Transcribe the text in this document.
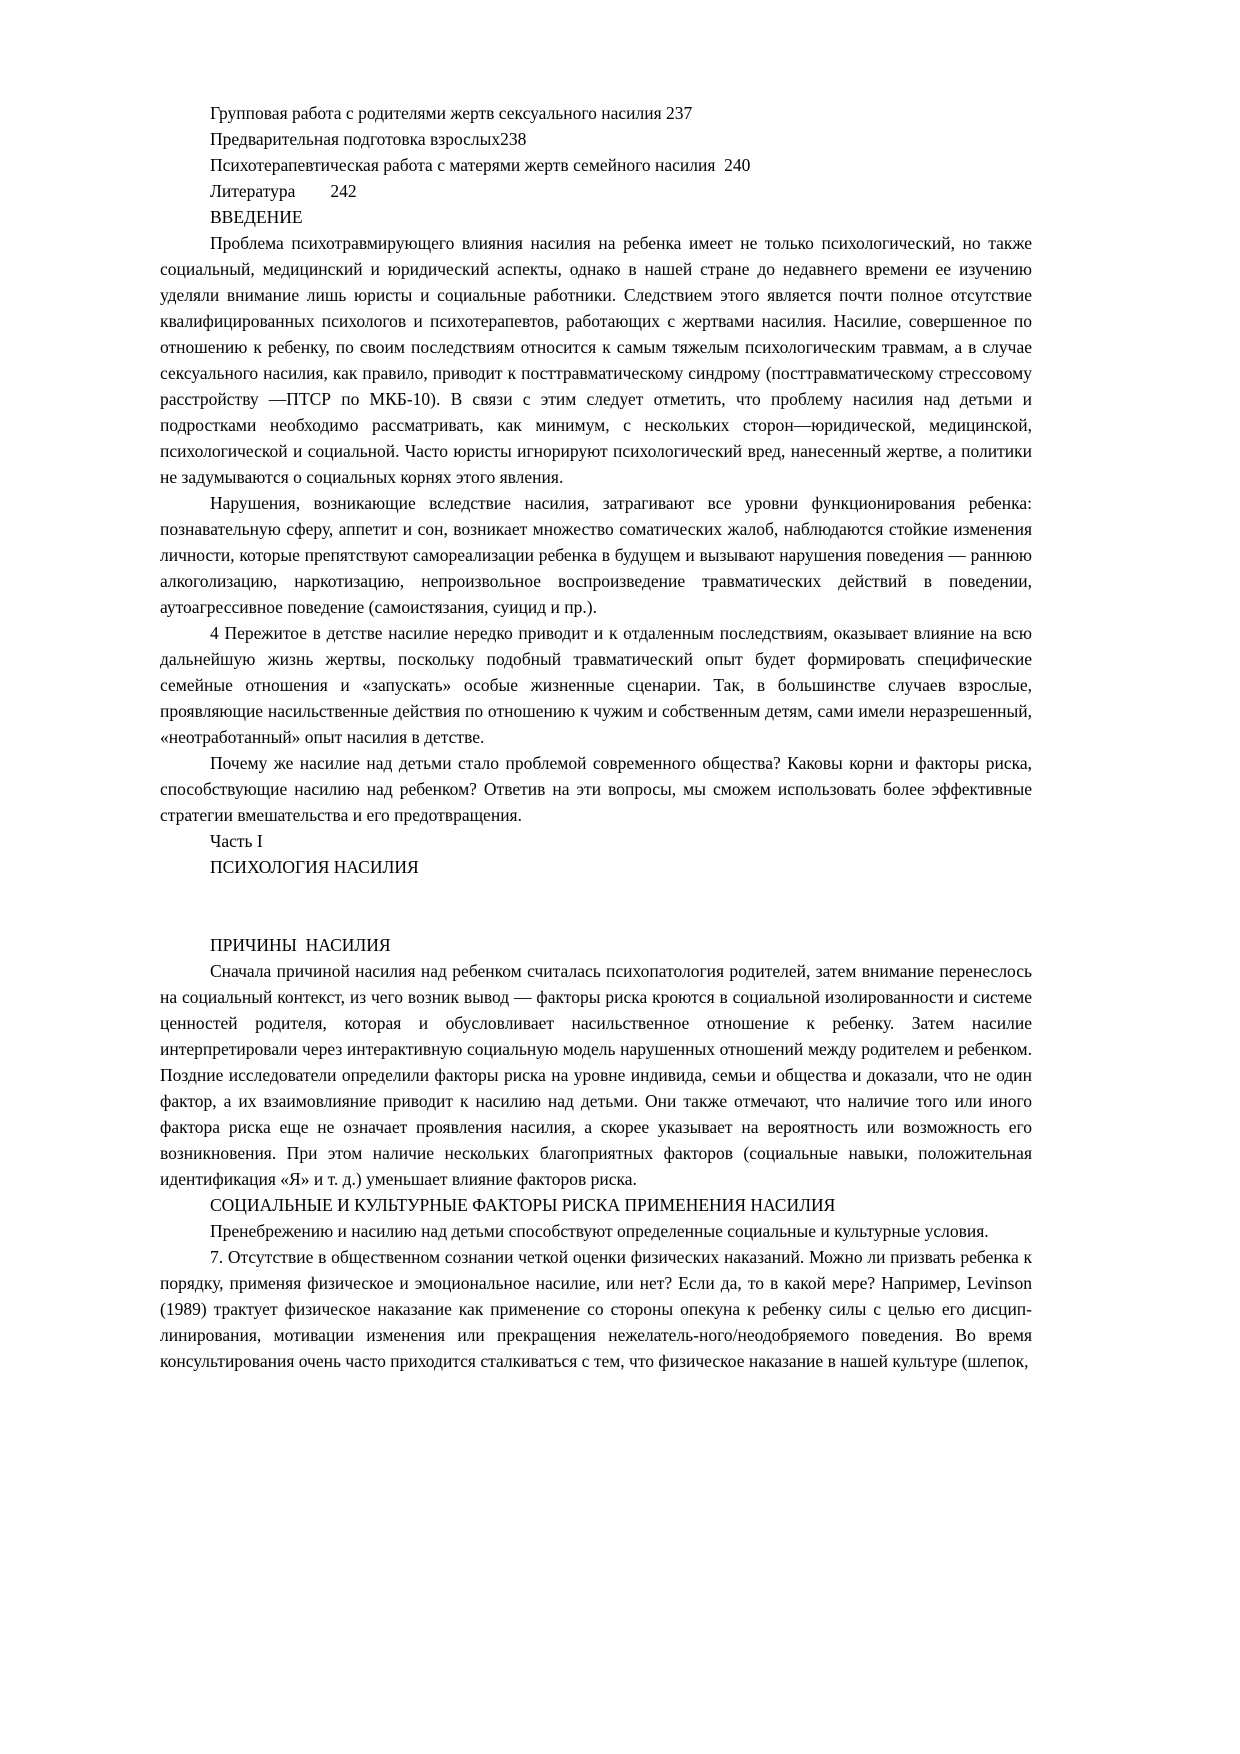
Групповая работа с родителями жертв сексуального насилия 237
Предварительная подготовка взрослых238
Психотерапевтическая работа с матерями жертв семейного насилия  240
Литература        242
ВВЕДЕНИЕ

Проблема психотравмирующего влияния насилия на ребенка имеет не только психологический, но также социальный, медицинский и юридический аспекты, однако в нашей стране до недавнего времени ее изучению уделяли внимание лишь юристы и социальные работники. Следствием этого является почти полное отсутствие квалифицированных психологов и психотерапевтов, работающих с жертвами насилия. Насилие, совершенное по отношению к ребенку, по своим последствиям относится к самым тяжелым психологическим травмам, а в случае сексуального насилия, как правило, приводит к посттравматическому синдрому (посттравматическому стрессовому расстройству —ПТСР по МКБ-10). В связи с этим следует отметить, что проблему насилия над детьми и подростками необходимо рассматривать, как минимум, с нескольких сторон—юридической, медицинской, психологической и социальной. Часто юристы игнорируют психологический вред, нанесенный жертве, а политики не задумываются о социальных корнях этого явления.

Нарушения, возникающие вследствие насилия, затрагивают все уровни функционирования ребенка: познавательную сферу, аппетит и сон, возникает множество соматических жалоб, наблюдаются стойкие изменения личности, которые препятствуют самореализации ребенка в будущем и вызывают нарушения поведения — раннюю алкоголизацию, наркотизацию, непроизвольное воспроизведение травматических действий в поведении, аутоагрессивное поведение (самоистязания, суицид и пр.).

4 Пережитое в детстве насилие нередко приводит и к отдаленным последствиям, оказывает влияние на всю дальнейшую жизнь жертвы, поскольку подобный травматический опыт будет формировать специфические семейные отношения и «запускать» особые жизненные сценарии. Так, в большинстве случаев взрослые, проявляющие насильственные действия по отношению к чужим и собственным детям, сами имели неразрешенный, «неотработанный» опыт насилия в детстве.

Почему же насилие над детьми стало проблемой современного общества? Каковы корни и факторы риска, способствующие насилию над ребенком? Ответив на эти вопросы, мы сможем использовать более эффективные стратегии вмешательства и его предотвращения.

Часть I
ПСИХОЛОГИЯ НАСИЛИЯ
ПРИЧИНЫ  НАСИЛИЯ

Сначала причиной насилия над ребенком считалась психопатология родителей, затем внимание перенеслось на социальный контекст, из чего возник вывод — факторы риска кроются в социальной изолированности и системе ценностей родителя, которая и обусловливает насильственное отношение к ребенку. Затем насилие интерпретировали через интерактивную социальную модель нарушенных отношений между родителем и ребенком. Поздние исследователи определили факторы риска на уровне индивида, семьи и общества и доказали, что не один фактор, а их взаимовлияние приводит к насилию над детьми. Они также отмечают, что наличие того или иного фактора риска еще не означает проявления насилия, а скорее указывает на вероятность или возможность его возникновения. При этом наличие нескольких благоприятных факторов (социальные навыки, положительная идентификация «Я» и т. д.) уменьшает влияние факторов риска.

СОЦИАЛЬНЫЕ И КУЛЬТУРНЫЕ ФАКТОРЫ РИСКА ПРИМЕНЕНИЯ НАСИЛИЯ

Пренебрежению и насилию над детьми способствуют определенные социальные и культурные условия.

7. Отсутствие в общественном сознании четкой оценки физических наказаний. Можно ли призвать ребенка к порядку, применяя физическое и эмоциональное насилие, или нет? Если да, то в какой мере? Например, Levinson (1989) трактует физическое наказание как применение со стороны опекуна к ребенку силы с целью его дисцип-линирования, мотивации изменения или прекращения нежелатель-ного/неодобряемого поведения. Во время консультирования очень часто приходится сталкиваться с тем, что физическое наказание в нашей культуре (шлепок,
